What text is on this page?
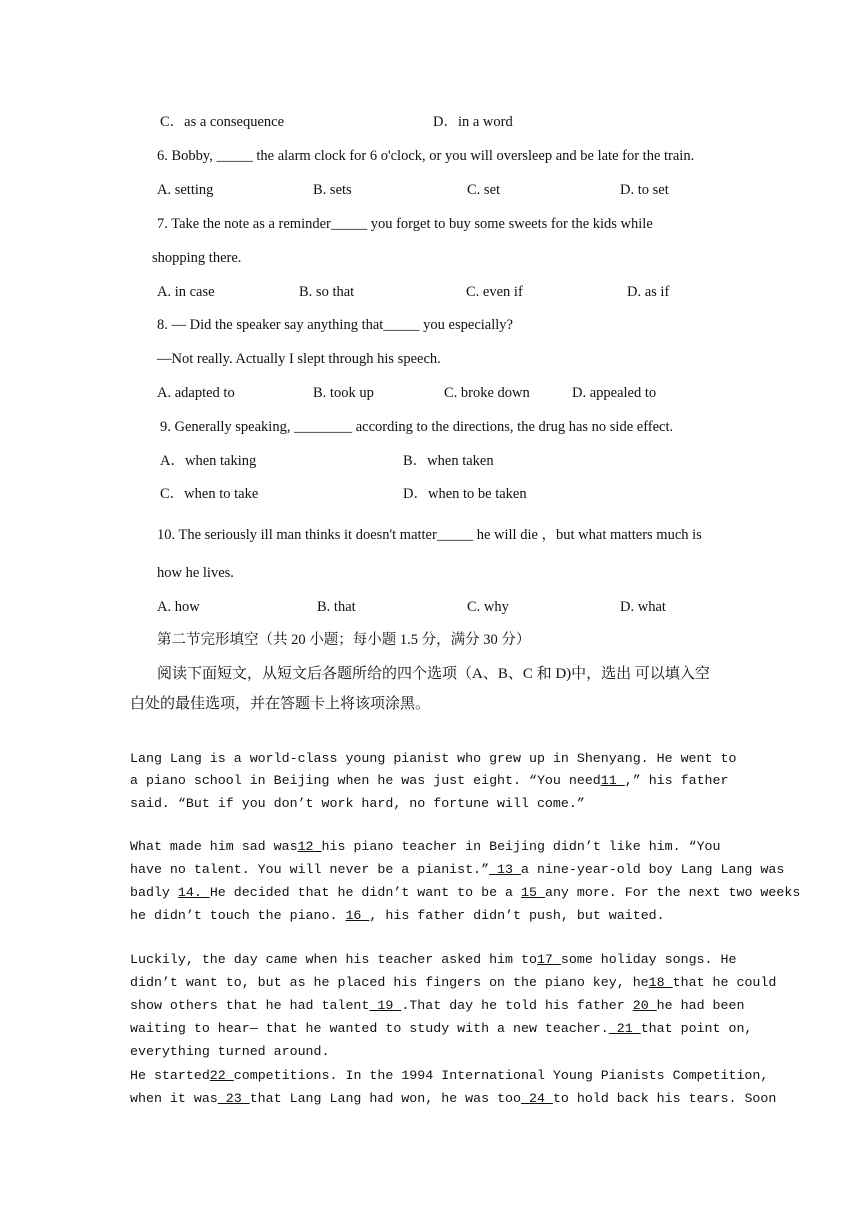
C．as a consequence	D．in a word
6. Bobby, _____ the alarm clock for 6 o'clock, or you will oversleep and be late for the train.
A. setting	B. sets	C. set	D. to set
7. Take the note as a reminder_____ you forget to buy some sweets for the kids while
shopping there.
A. in case	B. so that	C. even if	D. as if
8. — Did the speaker say anything that_____ you especially?
—Not really. Actually I slept through his speech.
A. adapted to	B. took up	C. broke down	D. appealed to
9. Generally speaking, ________ according to the directions, the drug has no side effect.
A．when taking	B．when taken
C．when to take	D．when to be taken
10. The seriously ill man thinks it doesn't matter_____ he will die ，but what matters much is
how he lives.
A. how	B. that	C. why	D. what
第二节完形填空（共 20 小题；每小题 1.5 分，满分 30 分）
阅读下面短文，从短文后各题所给的四个选项（A、B、C 和 D)中，选出 可以填入空
白处的最佳选项，并在答题卡上将该项涂黑。
Lang Lang is a world-class young pianist who grew up in Shenyang. He went to
a piano school in Beijing when he was just eight. “You need11 ,” his father
said. “But if you don’t work hard, no fortune will come.”
What made him sad was12 his piano teacher in Beijing didn’t like him. “You
have no talent. You will never be a pianist.” 13 a nine-year-old boy Lang Lang was
badly 14. He decided that he didn’t want to be a 15 any more. For the next two weeks
he didn’t touch the piano. 16 , his father didn’t push, but waited.
Luckily, the day came when his teacher asked him to17 some holiday songs. He
didn’t want to, but as he placed his fingers on the piano key, he18 that he could
show others that he had talent 19 .That day he told his father 20 he had been
waiting to hear— that he wanted to study with a new teacher. 21 that point on,
everything turned around.
He started22 competitions. In the 1994 International Young Pianists Competition,
when it was 23 that Lang Lang had won, he was too 24 to hold back his tears. Soon
